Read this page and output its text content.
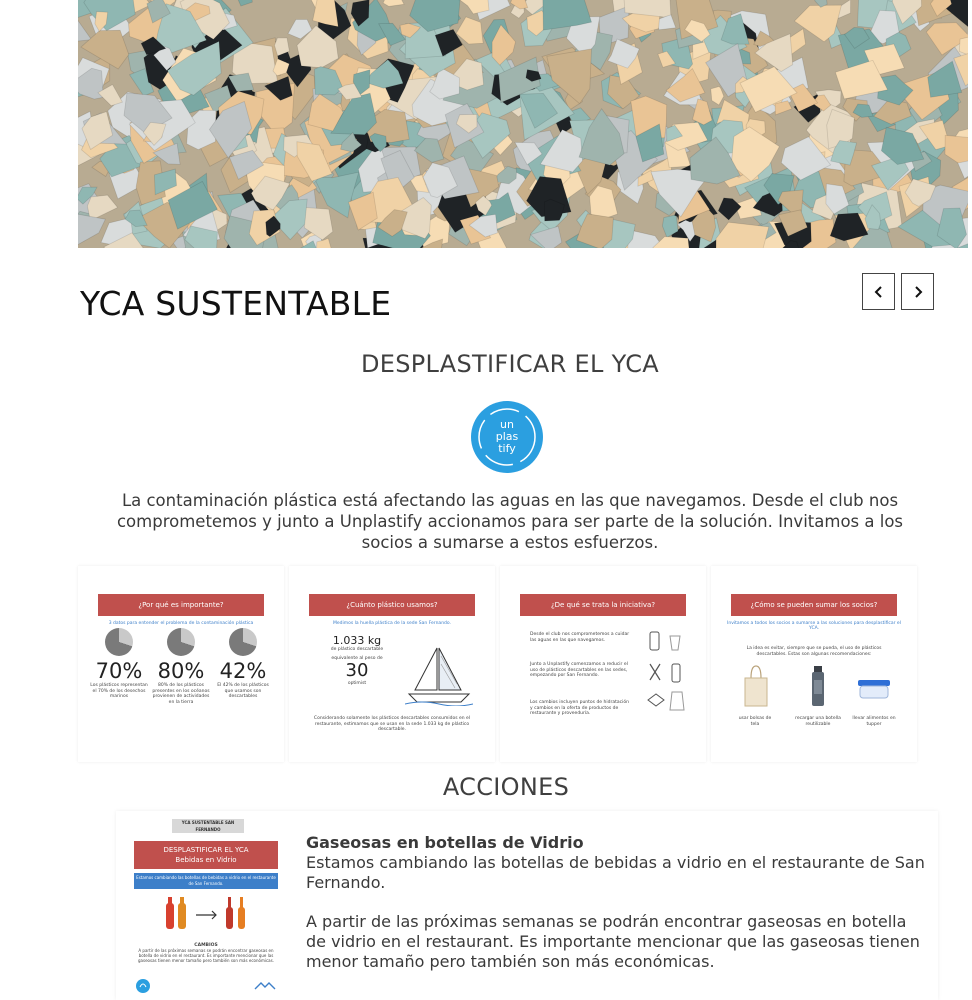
YCA SUSTENTABLE
DESPLASTIFICAR EL YCA
un
plas
tify

La contaminación plástica está afectando las aguas en las que navegamos. Desde el club nos comprometemos y junto a Unplastify accionamos para ser parte de la solución. Invitamos a los socios a sumarse a estos esfuerzos.

¿Por qué es importante?
3 datos para entender el problema de la contaminación plástica
70%
Los plásticos representan el 70% de los desechos marinos
80%
80% de los plásticos presentes en los océanos provienen de actividades en la tierra
42%
El 42% de los plásticos que usamos son descartables
¿Cuánto plástico usamos?
Medimos la huella plástica de la sede San Fernando.
1.033 kg
de plástico descartable
equivalente al peso de
30
optimist
Considerando solamente los plásticos descartables consumidos en el restaurante, estimamos que se usan en la sede 1.033 kg de plástico descartable.
¿De qué se trata la iniciativa?
Desde el club nos comprometemos a cuidar las aguas en las que navegamos.
Junto a Unplastify comenzamos a reducir el uso de plásticos descartables en las sedes, empezando por San Fernando.
Los cambios incluyen puntos de hidratación y cambios en la oferta de productos de restaurante y proveeduría.
¿Cómo se pueden sumar los socios?
Invitamos a todos los socios a sumarse a las soluciones para desplastificar el YCA.
La idea es evitar, siempre que se pueda, el uso de plásticos descartables. Estas son algunas recomendaciones:
usar bolsas de tela
recargar una botella reutilizable
llevar alimentos en tupper
ACCIONES
YCA SUSTENTABLE SAN FERNANDO
DESPLASTIFICAR EL YCA
Bebidas en Vidrio
Estamos cambiando las botellas de bebidas a vidrio en el restaurante de San Fernando.
CAMBIOS
A partir de las próximas semanas se podrán encontrar gaseosas en botella de vidrio en el restaurant. Es importante mencionar que las gaseosas tienen menor tamaño pero también son más económicas.

Gaseosas en botellas de Vidrio

Estamos cambiando las botellas de bebidas a vidrio en el restaurante de San Fernando.

A partir de las próximas semanas se podrán encontrar gaseosas en botella de vidrio en el restaurant. Es importante mencionar que las gaseosas tienen menor tamaño pero también son más económicas.
